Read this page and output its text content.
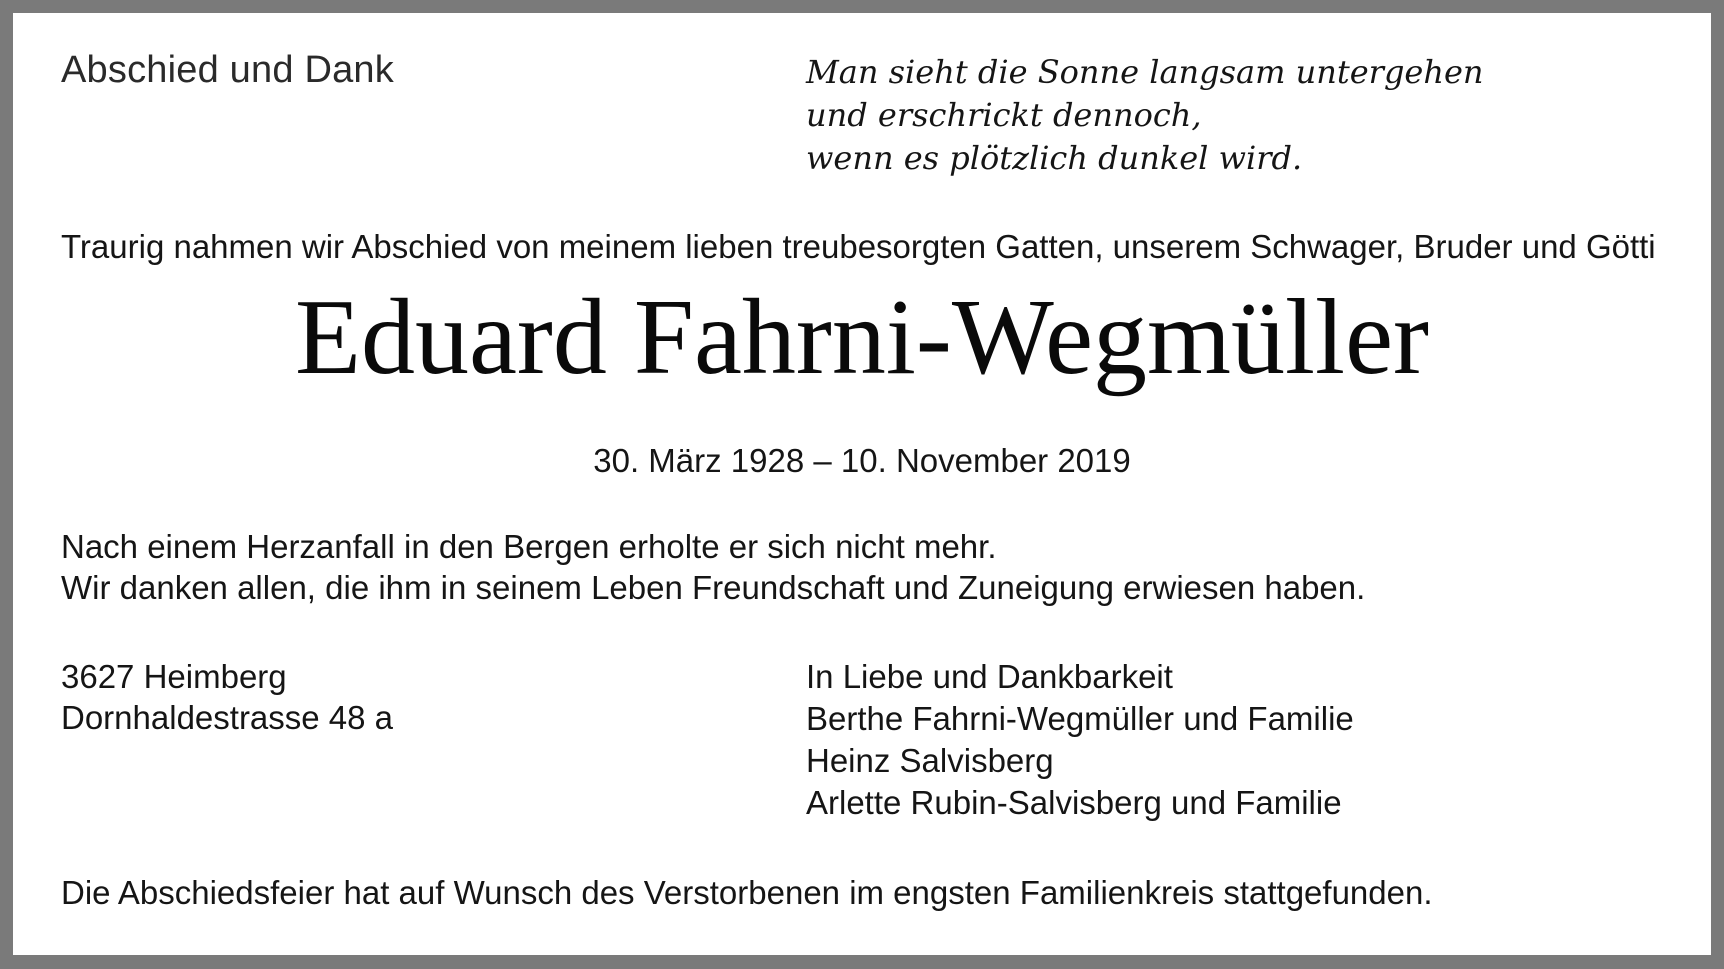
Abschied und Dank	Man sieht die Sonne langsam untergehen
und erschrickt dennoch,
wenn es plötzlich dunkel wird.

Traurig nahmen wir Abschied von meinem lieben treubesorgten Gatten, unserem Schwager, Bruder und Götti

Eduard Fahrni-Wegmüller

30. März 1928 – 10. November 2019

Nach einem Herzanfall in den Bergen erholte er sich nicht mehr.
Wir danken allen, die ihm in seinem Leben Freundschaft und Zuneigung erwiesen haben.
3627 Heimberg
Dornhaldestrasse 48 a
In Liebe und Dankbarkeit
Berthe Fahrni-Wegmüller und Familie
Heinz Salvisberg
Arlette Rubin-Salvisberg und Familie

Die Abschiedsfeier hat auf Wunsch des Verstorbenen im engsten Familienkreis stattgefunden.
